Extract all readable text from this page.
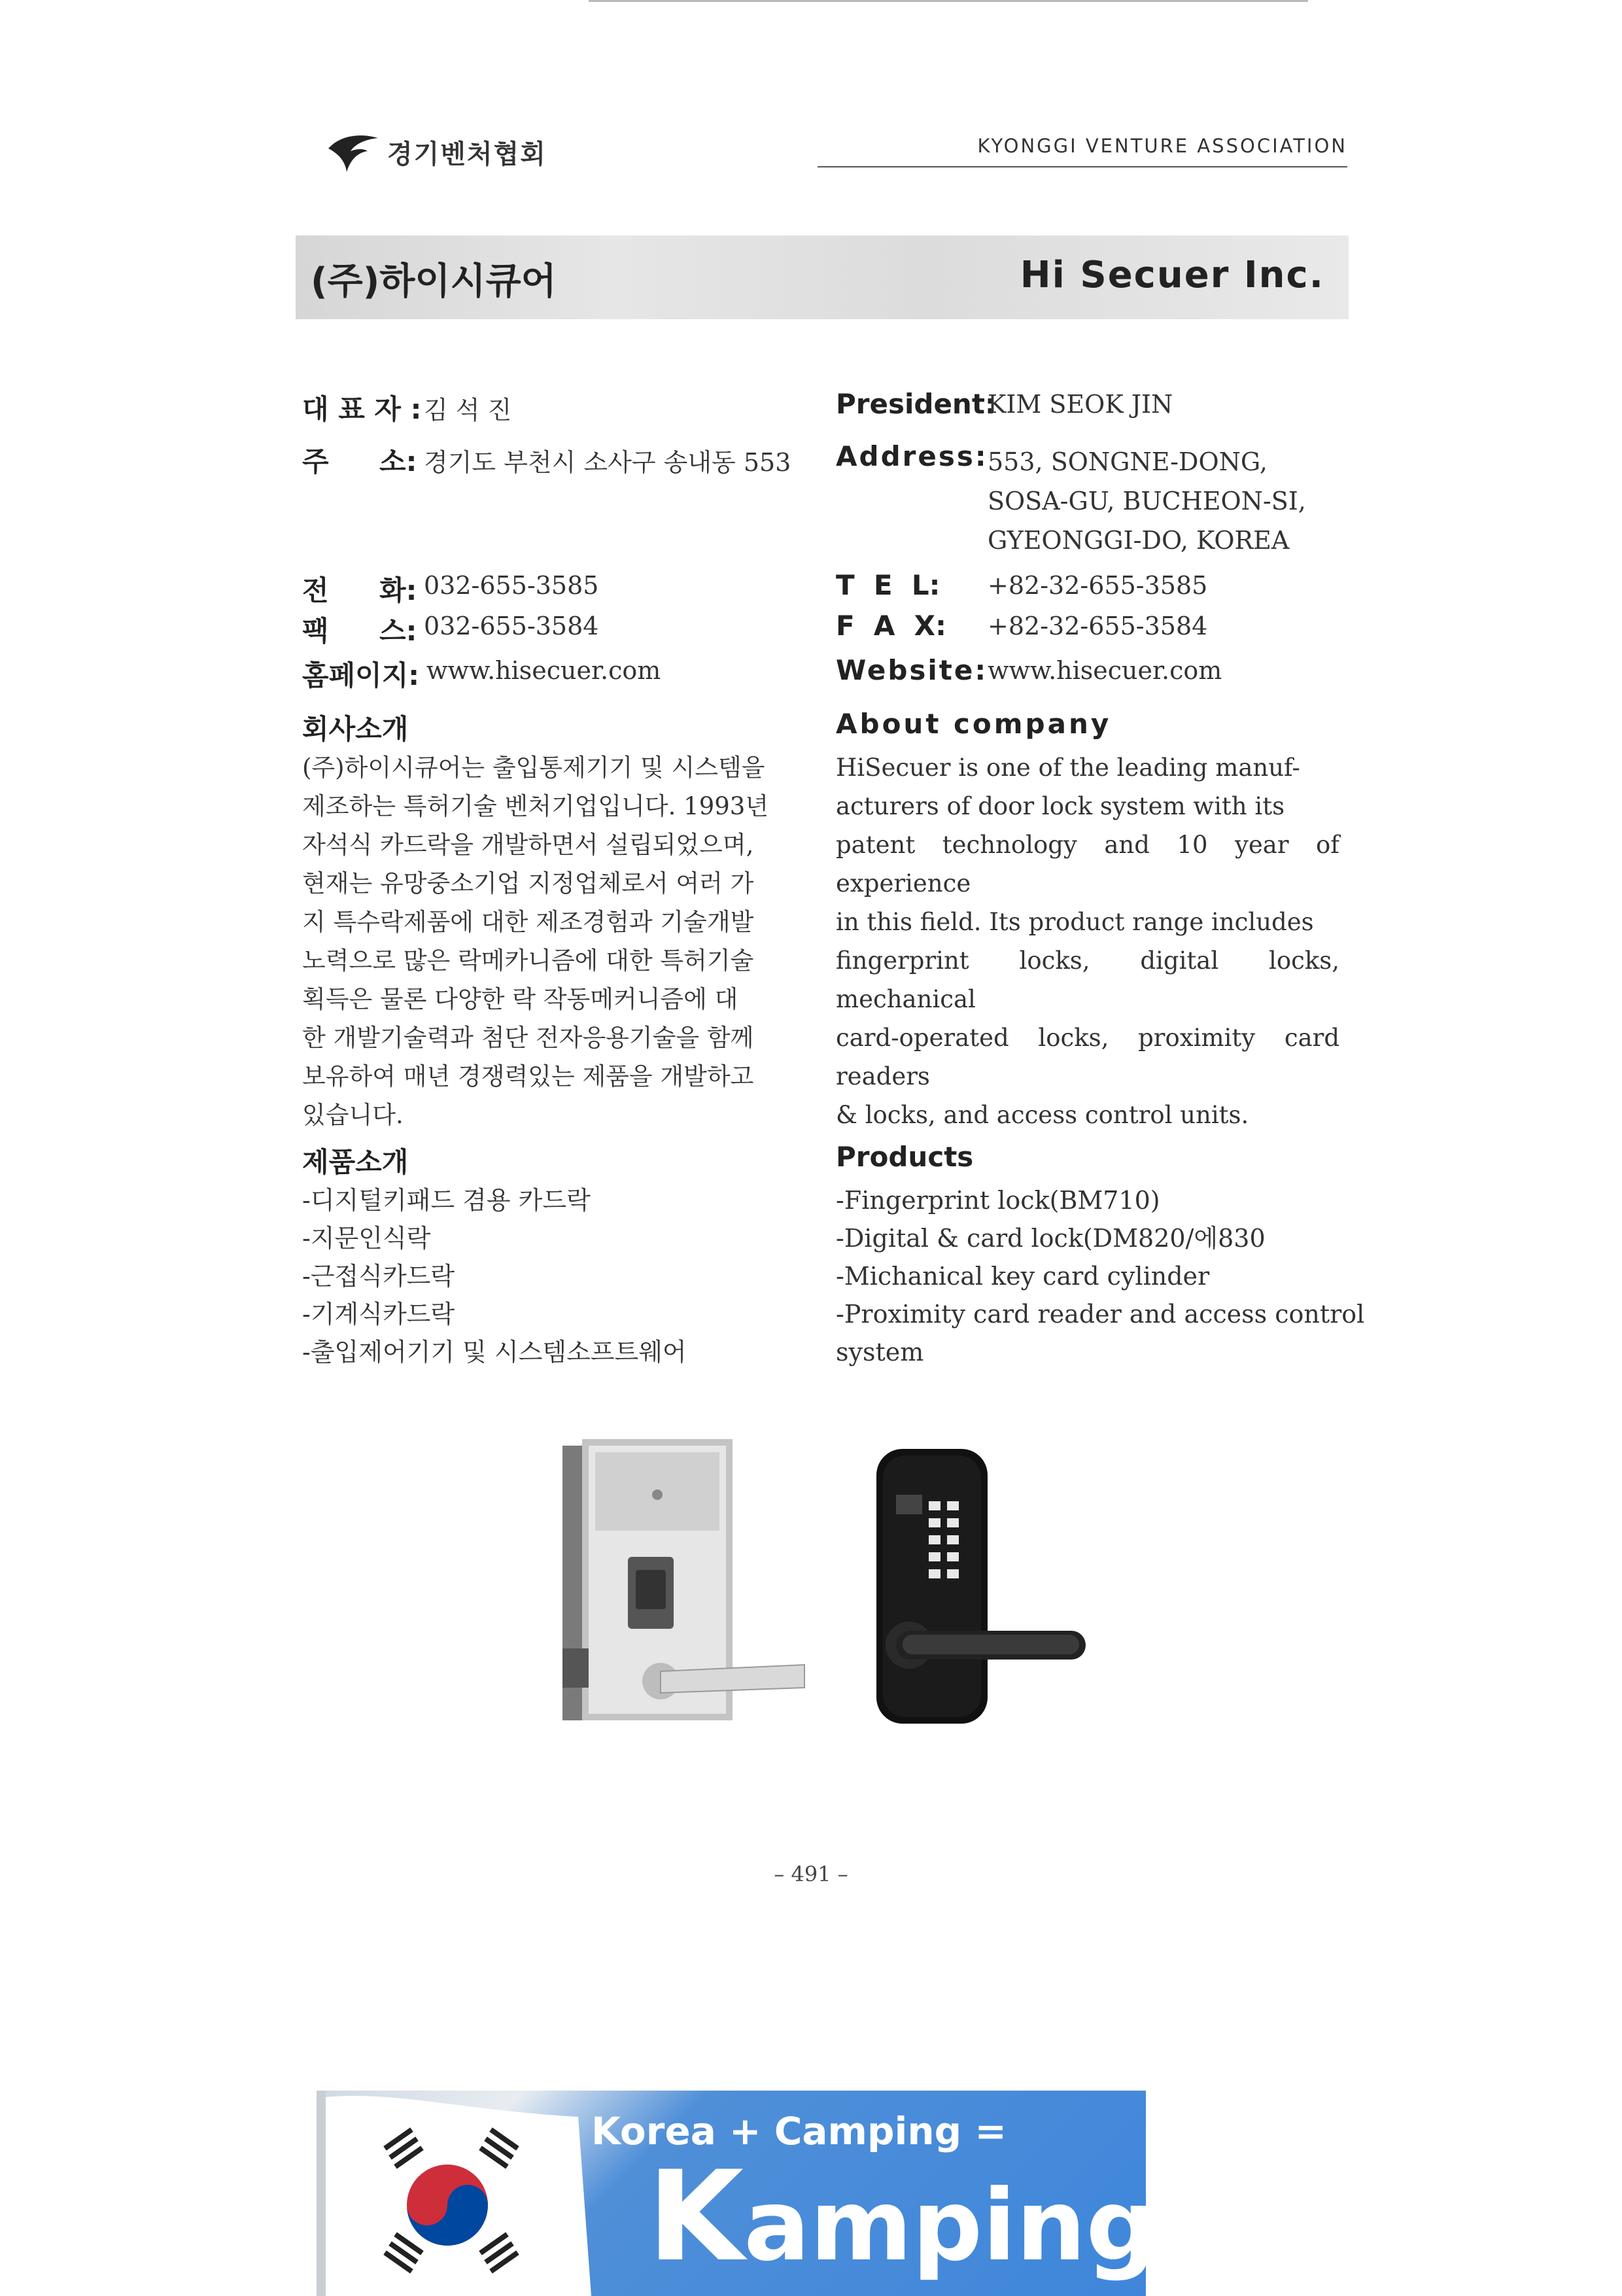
경기벤처협회	KYONGGI VENTURE ASSOCIATION
(주)하이시큐어	Hi Secuer Inc.
대 표 자 : 김 석 진
주 소: 경기도 부천시 소사구 송내동 553
전 화: 032-655-3585
팩 스: 032-655-3584
홈페이지: www.hisecuer.com
President:
KIM SEOK JIN
Address: 553, SONGNE-DONG,
SOSA-GU, BUCHEON-SI,
GYEONGGI-DO, KOREA
T  E  L: +82-32-655-3585
F  A  X: +82-32-655-3584
Website: www.hisecuer.com
회사소개
(주)하이시큐어는 출입통제기기 및 시스템을
제조하는 특허기술 벤처기업입니다. 1993년
자석식 카드락을 개발하면서 설립되었으며,
현재는 유망중소기업 지정업체로서 여러 가
지 특수락제품에 대한 제조경험과 기술개발
노력으로 많은 락메카니즘에 대한 특허기술
획득은 물론 다양한 락 작동메커니즘에 대
한 개발기술력과 첨단 전자응용기술을 함께
보유하여 매년 경쟁력있는 제품을 개발하고
있습니다.
About company
HiSecuer is one of the leading manuf-
acturers of door lock system with its
patent technology and 10 year of experience
in this field. Its product range includes
fingerprint locks, digital locks, mechanical
card-operated locks, proximity card readers
& locks, and access control units.
제품소개
-디지털키패드 겸용 카드락
-지문인식락
-근접식카드락
-기계식카드락
-출입제어기기 및 시스템소프트웨어
Products
-Fingerprint lock(BM710)
-Digital & card lock(DM820/에830
-Michanical key card cylinder
-Proximity card reader and access control
system
– 491 –
Korea + Camping =
Kamping.co.kr
